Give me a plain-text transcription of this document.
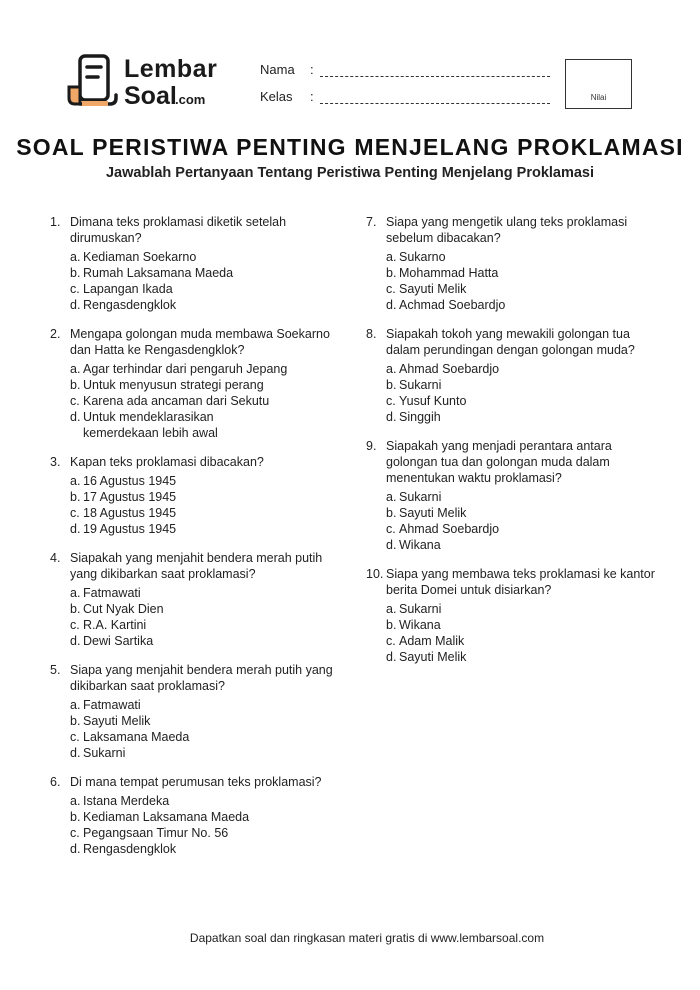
Lembar
Soal
.com
Nama :
Kelas :	Nilai
SOAL PERISTIWA PENTING MENJELANG PROKLAMASI
Jawablah Pertanyaan Tentang Peristiwa Penting Menjelang Proklamasi
1. Dimana teks proklamasi diketik setelah dirumuskan?
a. Kediaman Soekarno
b. Rumah Laksamana Maeda
c. Lapangan Ikada
d. Rengasdengklok
2. Mengapa golongan muda membawa Soekarno dan Hatta ke Rengasdengklok?
a. Agar terhindar dari pengaruh Jepang
b. Untuk menyusun strategi perang
c. Karena ada ancaman dari Sekutu
d. Untuk mendeklarasikan kemerdekaan lebih awal
3. Kapan teks proklamasi dibacakan?
a. 16 Agustus 1945
b. 17 Agustus 1945
c. 18 Agustus 1945
d. 19 Agustus 1945
4. Siapakah yang menjahit bendera merah putih yang dikibarkan saat proklamasi?
a. Fatmawati
b. Cut Nyak Dien
c. R.A. Kartini
d. Dewi Sartika
5. Siapa yang menjahit bendera merah putih yang dikibarkan saat proklamasi?
a. Fatmawati
b. Sayuti Melik
c. Laksamana Maeda
d. Sukarni
6. Di mana tempat perumusan teks proklamasi?
a. Istana Merdeka
b. Kediaman Laksamana Maeda
c. Pegangsaan Timur No. 56
d. Rengasdengklok
7. Siapa yang mengetik ulang teks proklamasi sebelum dibacakan?
a. Sukarno
b. Mohammad Hatta
c. Sayuti Melik
d. Achmad Soebardjo
8. Siapakah tokoh yang mewakili golongan tua dalam perundingan dengan golongan muda?
a. Ahmad Soebardjo
b. Sukarni
c. Yusuf Kunto
d. Singgih
9. Siapakah yang menjadi perantara antara golongan tua dan golongan muda dalam menentukan waktu proklamasi?
a. Sukarni
b. Sayuti Melik
c. Ahmad Soebardjo
d. Wikana
10. Siapa yang membawa teks proklamasi ke kantor berita Domei untuk disiarkan?
a. Sukarni
b. Wikana
c. Adam Malik
d. Sayuti Melik
Dapatkan soal dan ringkasan materi gratis di www.lembarsoal.com
